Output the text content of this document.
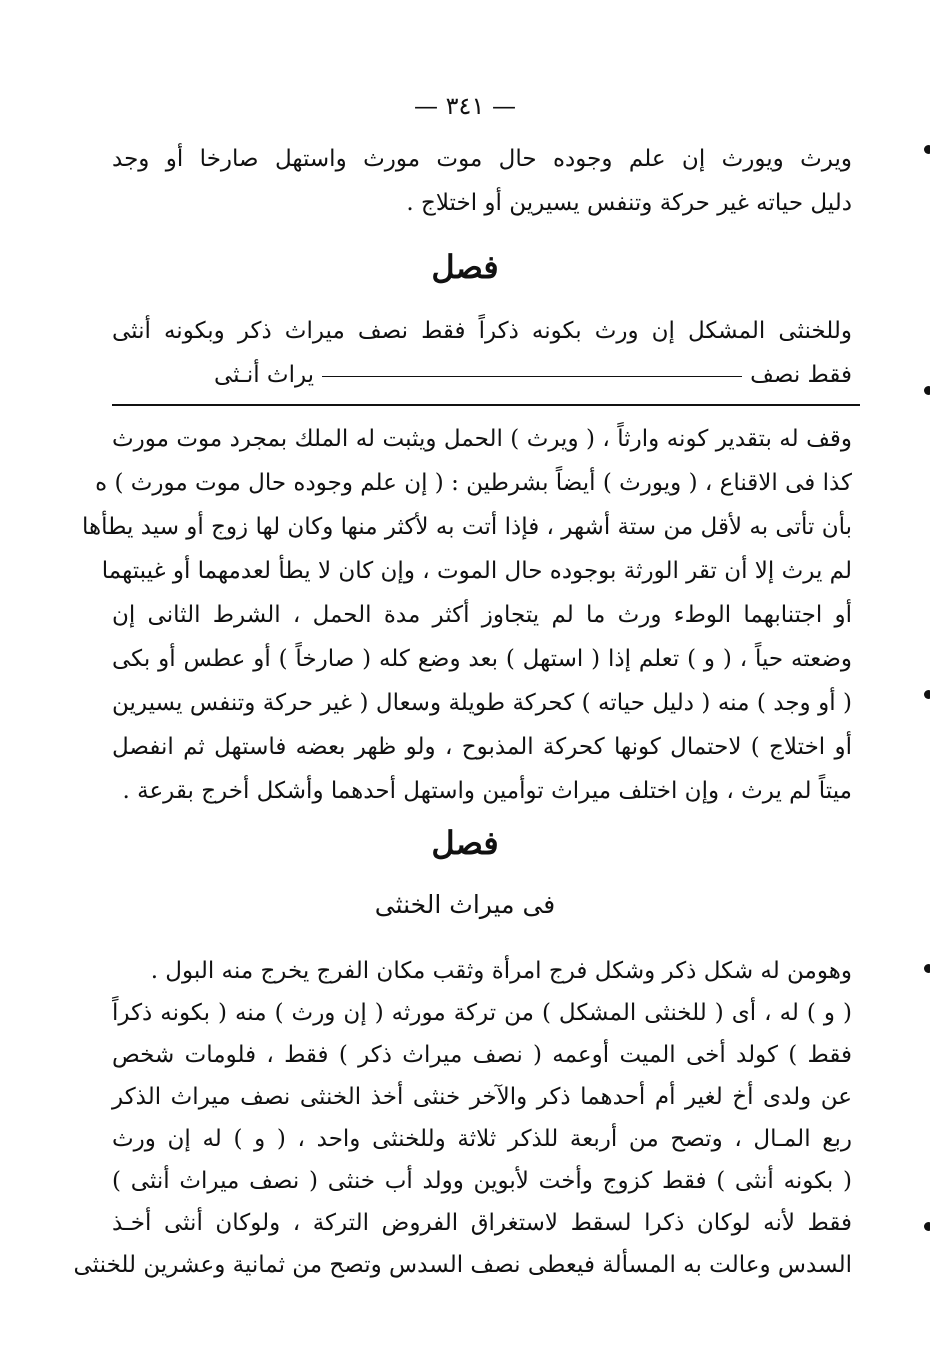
— ٣٤١ —
ويرث ويورث إن علم وجوده حال موت مورث واستهل صارخا أو وجد
دليل حياته غير حركة وتنفس يسيرين أو اختلاج .
فصل
وللخنثى المشكل إن ورث بكونه ذكراً فقط نصف ميراث ذكر وبكونه أنثى
فقط نصفيراث أنـثى
وقف له بتقدير كونه وارثاً ، ( ويرث ) الحمل ويثبت له الملك بمجرد موت مورث
كذا فى الاقناع ، ( ويورث ) أيضاً بشرطين : ( إن علم وجوده حال موت مورث ) ه
بأن تأتى به لأقل من ستة أشهر ، فإذا أتت به لأكثر منها وكان لها زوج أو سيد يطأها
لم يرث إلا أن تقر الورثة بوجوده حال الموت ، وإن كان لا يطأ لعدمهما أو غيبتهما
أو اجتنابهما الوطء ورث ما لم يتجاوز أكثر مدة الحمل ، الشرط الثانى إن
وضعته حياً ، ( و ) تعلم إذا ( استهل ) بعد وضع كله ( صارخاً ) أو عطس أو بكى
( أو وجد ) منه ( دليل حياته ) كحركة طويلة وسعال ( غير حركة وتنفس يسيرين
أو اختلاج ) لاحتمال كونها كحركة المذبوح ، ولو ظهر بعضه فاستهل ثم انفصل
ميتاً لم يرث ، وإن اختلف ميراث توأمين واستهل أحدهما وأشكل أخرج بقرعة .
فصل
فى ميراث الخنثى
وهومن له شكل ذكر وشكل فرج امرأة وثقب مكان الفرج يخرج منه البول .
( و ) له ، أى ( للخنثى المشكل ) من تركة مورثه ( إن ورث ) منه ( بكونه ذكراً
فقط ) كولد أخى الميت أوعمه ( نصف ميراث ذكر ) فقط ، فلومات شخص
عن ولدى أخ لغير أم أحدهما ذكر والآخر خنثى أخذ الخنثى نصف ميراث الذكر
ربع المـال ، وتصح من أربعة للذكر ثلاثة وللخنثى واحد ، ( و ) له إن ورث
( بكونه أنثى ) فقط كزوج وأخت لأبوين وولد أب خنثى ( نصف ميراث أنثى )
فقط لأنه لوكان ذكرا لسقط لاستغراق الفروض التركة ، ولوكان أنثى أخـذ
السدس وعالت به المسألة فيعطى نصف السدس وتصح من ثمانية وعشرين للخنثى
